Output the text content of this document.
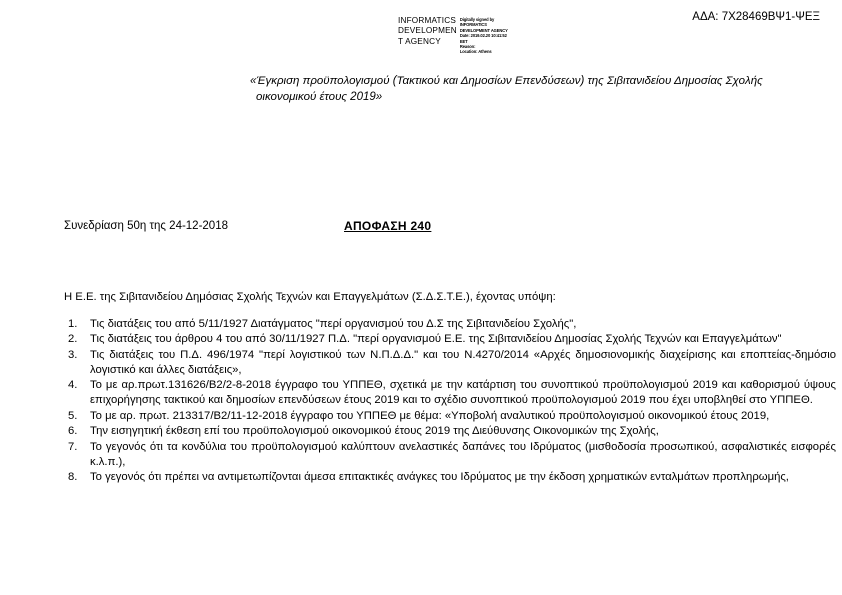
INFORMATICS
DEVELOPMEN
T AGENCY
Digitally signed by
INFORMATICS
DEVELOPMENT AGENCY
Date: 2019.02.20 10:41:52
EET
Reason:
Location: Athens
ΑΔΑ: 7Χ28469ΒΨ1-ΨΕΞ
«Έγκριση προϋπολογισμού (Τακτικού και Δημοσίων Επενδύσεων) της Σιβιτανιδείου Δημοσίας Σχολής
οικονομικού έτους 2019»
Συνεδρίαση 50η της 24-12-2018	ΑΠΟΦΑΣΗ 240
Η Ε.Ε. της Σιβιτανιδείου Δημόσιας Σχολής Τεχνών και Επαγγελμάτων (Σ.Δ.Σ.Τ.Ε.), έχοντας υπόψη:
1.	Τις διατάξεις του από 5/11/1927 Διατάγματος "περί οργανισμού του Δ.Σ της Σιβιτανιδείου Σχολής",
2.	Τις διατάξεις του άρθρου 4 του από 30/11/1927 Π.Δ. "περί οργανισμού Ε.Ε. της Σιβιτανιδείου Δημοσίας Σχολής Τεχνών και Επαγγελμάτων"
3.	Τις διατάξεις του Π.Δ. 496/1974 "περί λογιστικού των Ν.Π.Δ.Δ." και του Ν.4270/2014 «Αρχές δημοσιονομικής διαχείρισης και εποπτείας-δημόσιο λογιστικό και άλλες διατάξεις»,
4.	Το με αρ.πρωτ.131626/Β2/2-8-2018 έγγραφο του ΥΠΠΕΘ, σχετικά με την κατάρτιση του συνοπτικού προϋπολογισμού 2019 και καθορισμού ύψους επιχορήγησης τακτικού και δημοσίων επενδύσεων έτους 2019 και το σχέδιο συνοπτικού προϋπολογισμού 2019 που έχει υποβληθεί στο ΥΠΠΕΘ.
5.	Το με αρ. πρωτ. 213317/Β2/11-12-2018 έγγραφο του ΥΠΠΕΘ με θέμα: «Υποβολή αναλυτικού προϋπολογισμού οικονομικού έτους 2019,
6.	Την εισηγητική έκθεση επί του προϋπολογισμού οικονομικού έτους 2019 της Διεύθυνσης Οικονομικών της Σχολής,
7.	Το γεγονός ότι τα κονδύλια του προϋπολογισμού καλύπτουν ανελαστικές δαπάνες του Ιδρύματος (μισθοδοσία προσωπικού, ασφαλιστικές εισφορές κ.λ.π.),
8.	Το γεγονός ότι πρέπει να αντιμετωπίζονται άμεσα επιτακτικές ανάγκες του Ιδρύματος με την έκδοση χρηματικών ενταλμάτων προπληρωμής,
